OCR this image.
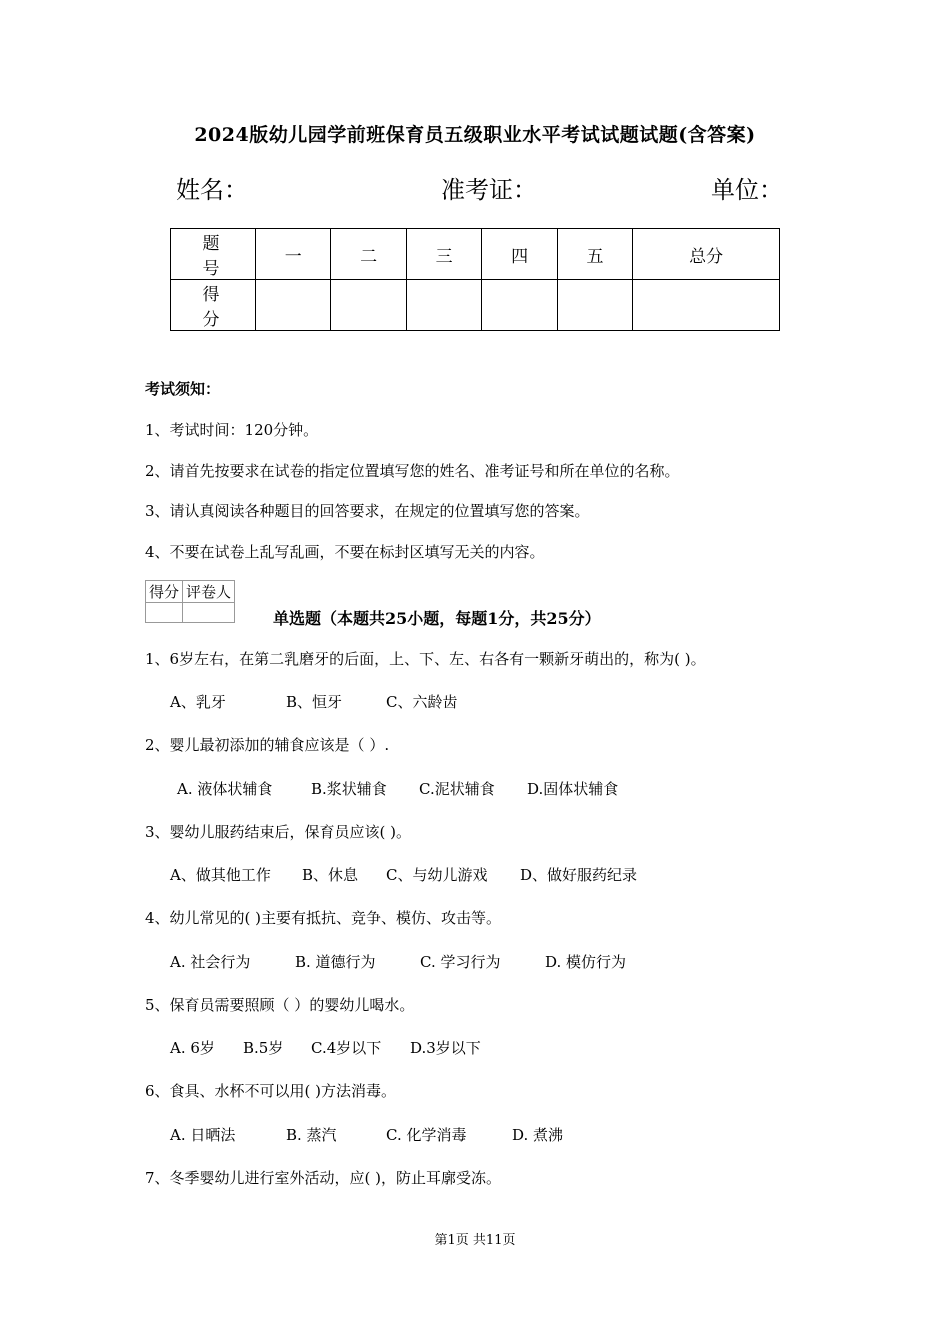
2024版幼儿园学前班保育员五级职业水平考试试题试题(含答案)
姓名：	准考证：	单位：
题 号	一	二	三	四	五	总分
得 分						
考试须知：
1、考试时间：120分钟。
2、请首先按要求在试卷的指定位置填写您的姓名、准考证号和所在单位的名称。
3、请认真阅读各种题目的回答要求，在规定的位置填写您的答案。
4、不要在试卷上乱写乱画，不要在标封区填写无关的内容。
得分	评卷人

单选题（本题共25小题，每题1分，共25分）
1、6岁左右，在第二乳磨牙的后面，上、下、左、右各有一颗新牙萌出的，称为( )。
A、乳牙	B、恒牙	C、六龄齿
2、婴儿最初添加的辅食应该是（ ）.
A. 液体状辅食	B.浆状辅食	C.泥状辅食	D.固体状辅食
3、婴幼儿服药结束后，保育员应该( )。
A、做其他工作	B、休息	C、与幼儿游戏	D、做好服药纪录
4、幼儿常见的( )主要有抵抗、竞争、模仿、攻击等。
A. 社会行为	B. 道德行为	C. 学习行为	D. 模仿行为
5、保育员需要照顾（ ）的婴幼儿喝水。
A. 6岁	B.5岁	C.4岁以下	D.3岁以下
6、食具、水杯不可以用( )方法消毒。
A. 日晒法	B. 蒸汽	C. 化学消毒	D. 煮沸
7、冬季婴幼儿进行室外活动，应( )，防止耳廓受冻。
第1页 共11页
